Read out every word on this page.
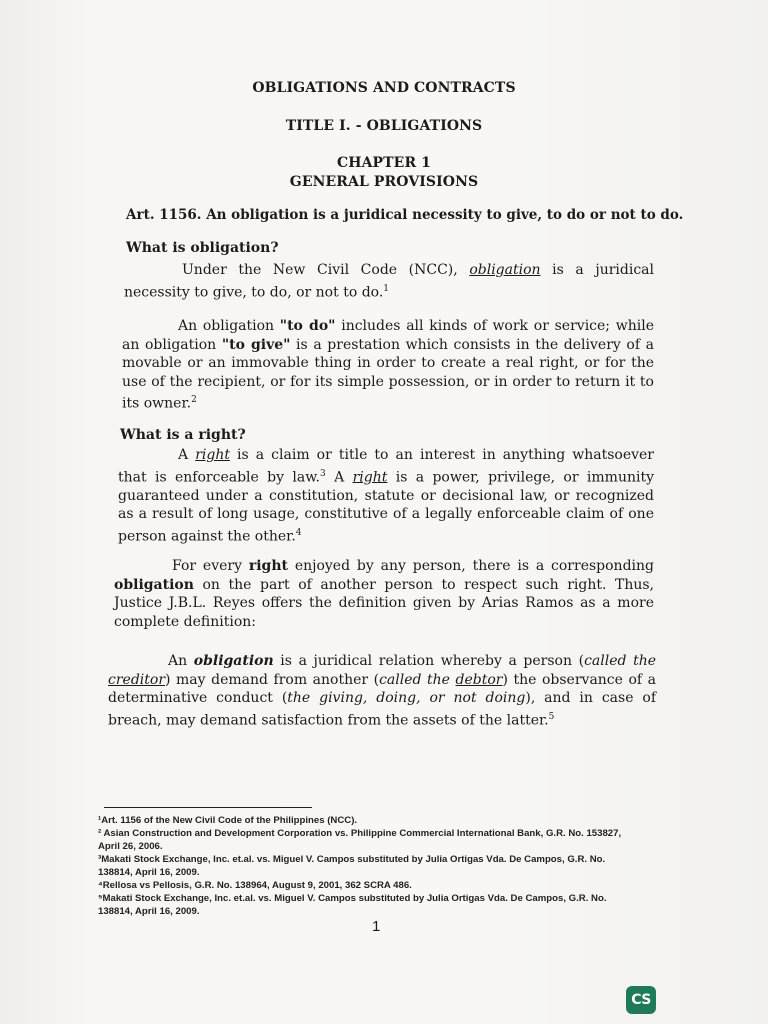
OBLIGATIONS AND CONTRACTS
TITLE I. - OBLIGATIONS
CHAPTER 1
GENERAL PROVISIONS
Art. 1156. An obligation is a juridical necessity to give, to do or not to do.
What is obligation?

Under the New Civil Code (NCC), obligation is a juridical necessity to give, to do, or not to do.$^1$

An obligation "to do" includes all kinds of work or service; while an obligation "to give" is a prestation which consists in the delivery of a movable or an immovable thing in order to create a real right, or for the use of the recipient, or for its simple possession, or in order to return it to its owner.$^2$

What is a right?

A right is a claim or title to an interest in anything whatsoever that is enforceable by law.$^3$ A right is a power, privilege, or immunity guaranteed under a constitution, statute or decisional law, or recognized as a result of long usage, constitutive of a legally enforceable claim of one person against the other.$^4$

For every right enjoyed by any person, there is a corresponding obligation on the part of another person to respect such right. Thus, Justice J.B.L. Reyes offers the definition given by Arias Ramos as a more complete definition:

An obligation is a juridical relation whereby a person (called the creditor) may demand from another (called the debtor) the observance of a determinative conduct (the giving, doing, or not doing), and in case of breach, may demand satisfaction from the assets of the latter.$^5$

¹Art. 1156 of the New Civil Code of the Philippines (NCC).

² Asian Construction and Development Corporation vs. Philippine Commercial International Bank, G.R. No. 153827, April 26, 2006.

³Makati Stock Exchange, Inc. et.al. vs. Miguel V. Campos substituted by Julia Ortigas Vda. De Campos, G.R. No. 138814, April 16, 2009.

⁴Rellosa vs Pellosis, G.R. No. 138964, August 9, 2001, 362 SCRA 486.

⁵Makati Stock Exchange, Inc. et.al. vs. Miguel V. Campos substituted by Julia Ortigas Vda. De Campos, G.R. No. 138814, April 16, 2009.

1
CS
